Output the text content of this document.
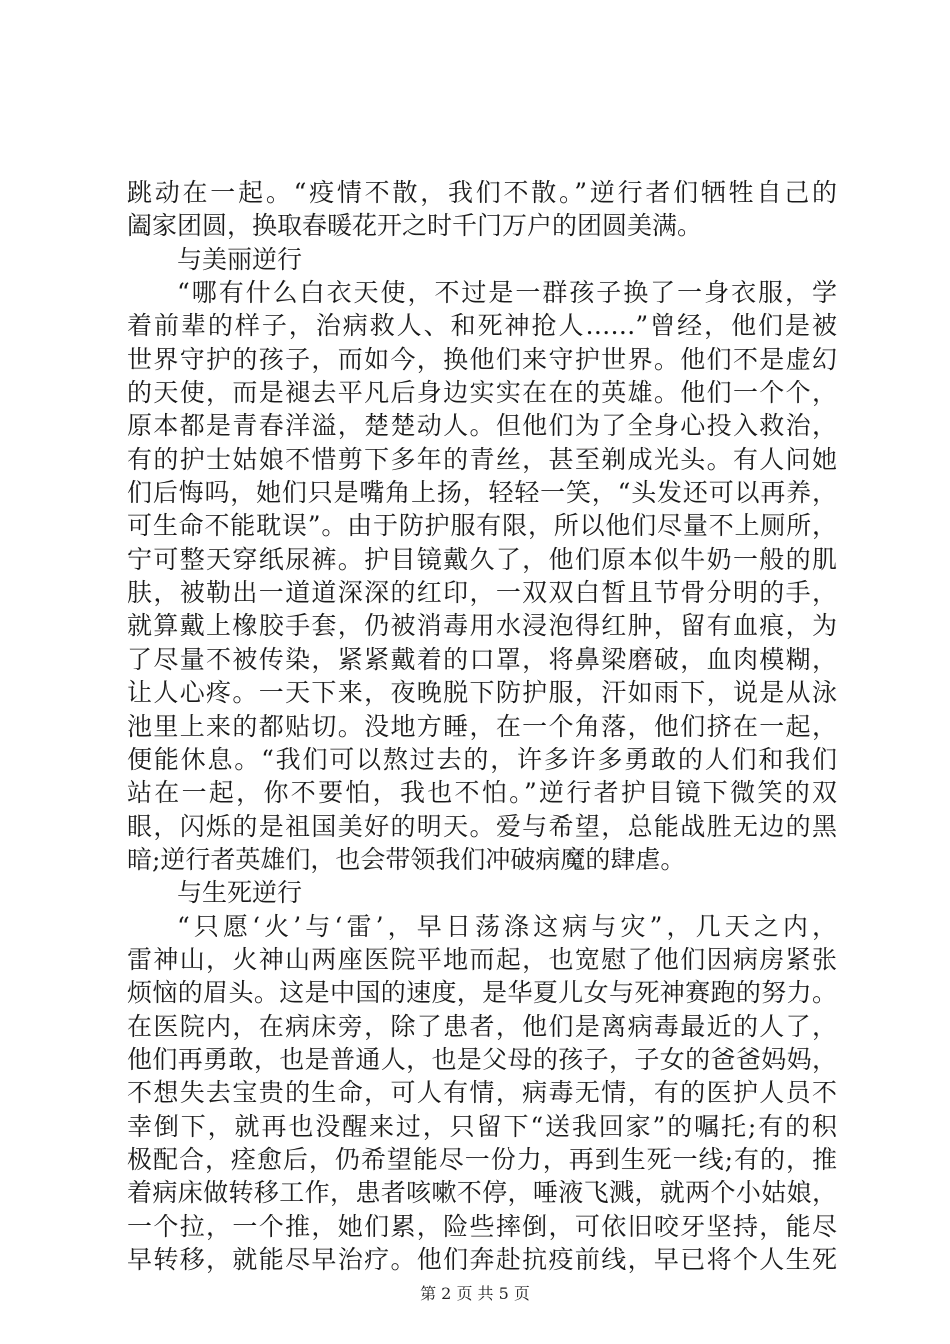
跳动在一起。“疫情不散，我们不散。”逆行者们牺牲自己的
阖家团圆，换取春暖花开之时千门万户的团圆美满。
与美丽逆行
“哪有什么白衣天使，不过是一群孩子换了一身衣服，学
着前辈的样子，治病救人、和死神抢人……”曾经，他们是被
世界守护的孩子，而如今，换他们来守护世界。他们不是虚幻
的天使，而是褪去平凡后身边实实在在的英雄。他们一个个，
原本都是青春洋溢，楚楚动人。但他们为了全身心投入救治，
有的护士姑娘不惜剪下多年的青丝，甚至剃成光头。有人问她
们后悔吗，她们只是嘴角上扬，轻轻一笑，“头发还可以再养，
可生命不能耽误”。由于防护服有限，所以他们尽量不上厕所，
宁可整天穿纸尿裤。护目镜戴久了，他们原本似牛奶一般的肌
肤，被勒出一道道深深的红印，一双双白皙且节骨分明的手，
就算戴上橡胶手套，仍被消毒用水浸泡得红肿，留有血痕，为
了尽量不被传染，紧紧戴着的口罩，将鼻梁磨破，血肉模糊，
让人心疼。一天下来，夜晚脱下防护服，汗如雨下，说是从泳
池里上来的都贴切。没地方睡，在一个角落，他们挤在一起，
便能休息。“我们可以熬过去的，许多许多勇敢的人们和我们
站在一起，你不要怕，我也不怕。”逆行者护目镜下微笑的双
眼，闪烁的是祖国美好的明天。爱与希望，总能战胜无边的黑
暗;逆行者英雄们，也会带领我们冲破病魔的肆虐。
与生死逆行
“只愿‘火’与‘雷’，早日荡涤这病与灾”，几天之内，
雷神山，火神山两座医院平地而起，也宽慰了他们因病房紧张
烦恼的眉头。这是中国的速度，是华夏儿女与死神赛跑的努力。
在医院内，在病床旁，除了患者，他们是离病毒最近的人了，
他们再勇敢，也是普通人，也是父母的孩子，子女的爸爸妈妈，
不想失去宝贵的生命，可人有情，病毒无情，有的医护人员不
幸倒下，就再也没醒来过，只留下“送我回家”的嘱托;有的积
极配合，痊愈后，仍希望能尽一份力，再到生死一线;有的，推
着病床做转移工作，患者咳嗽不停，唾液飞溅，就两个小姑娘，
一个拉，一个推，她们累，险些摔倒，可依旧咬牙坚持，能尽
早转移，就能尽早治疗。他们奔赴抗疫前线，早已将个人生死
第 2 页 共 5 页
